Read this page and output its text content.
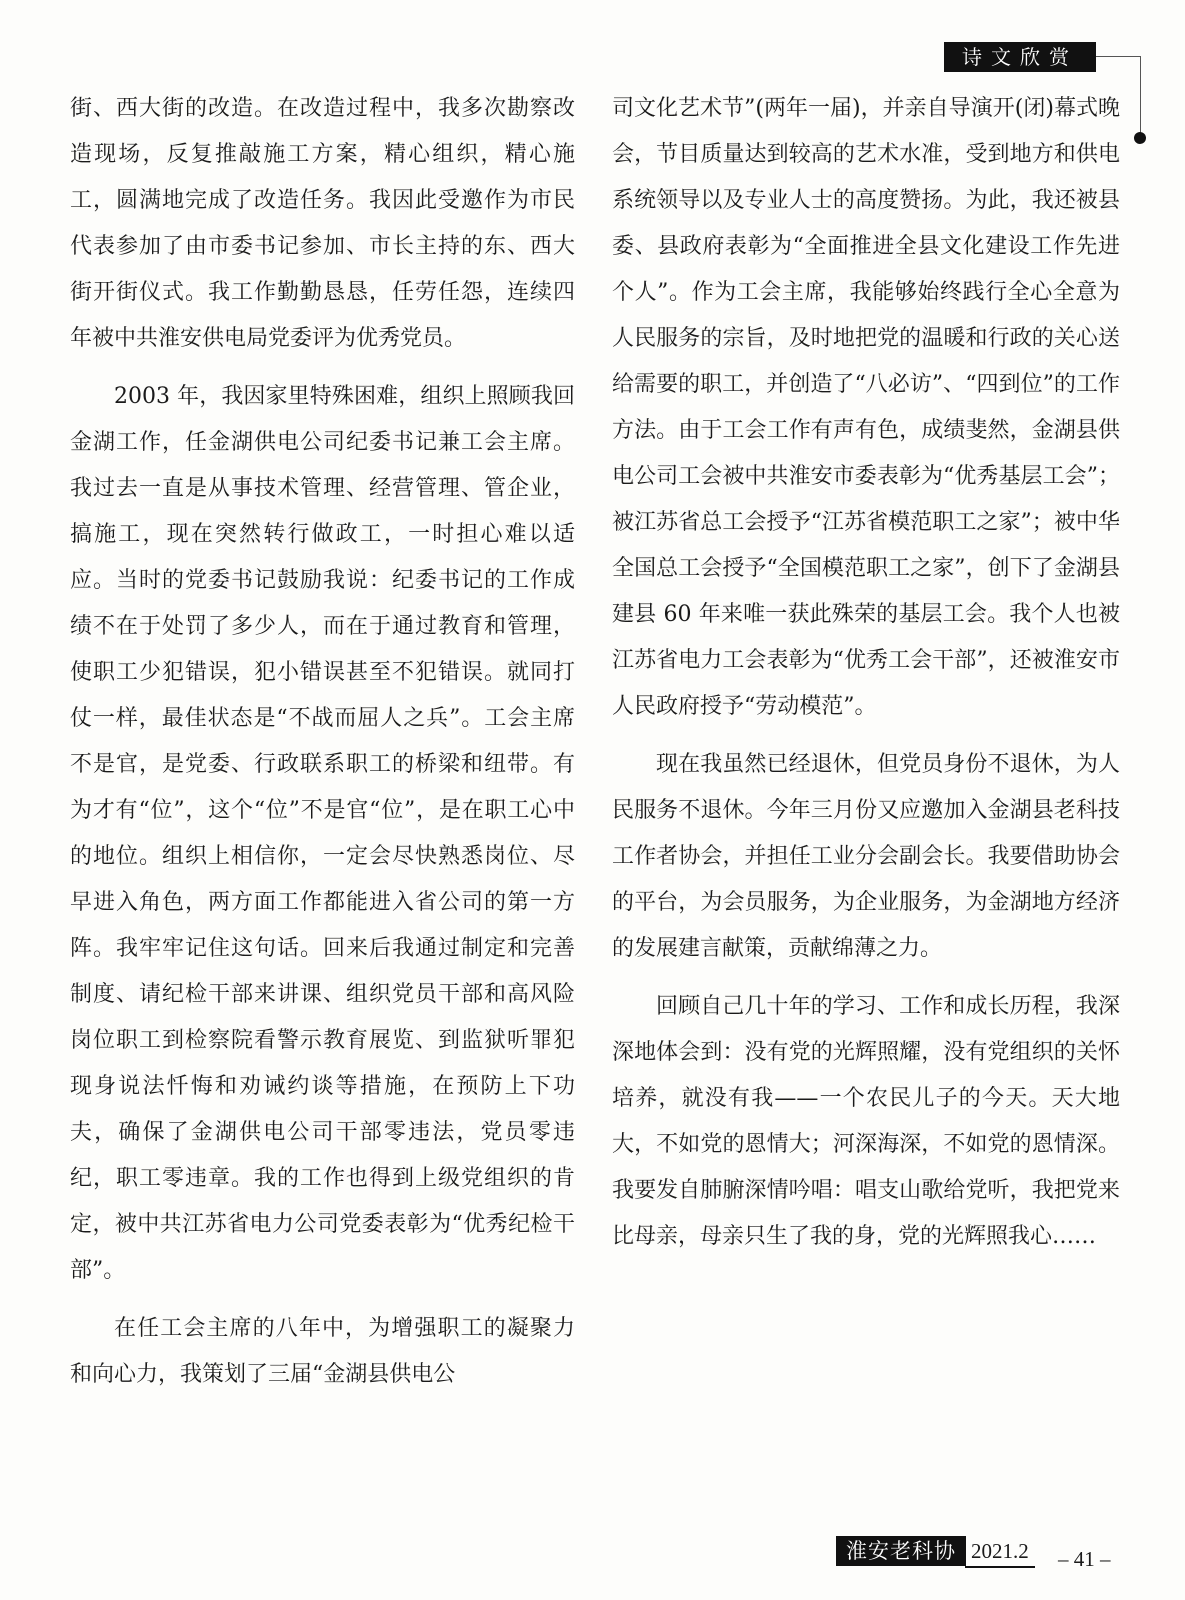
诗文欣赏

街、西大街的改造。在改造过程中，我多次勘察改造现场，反复推敲施工方案，精心组织，精心施工，圆满地完成了改造任务。我因此受邀作为市民代表参加了由市委书记参加、市长主持的东、西大街开街仪式。我工作勤勤恳恳，任劳任怨，连续四年被中共淮安供电局党委评为优秀党员。

2003 年，我因家里特殊困难，组织上照顾我回金湖工作，任金湖供电公司纪委书记兼工会主席。我过去一直是从事技术管理、经营管理、管企业，搞施工，现在突然转行做政工，一时担心难以适应。当时的党委书记鼓励我说：纪委书记的工作成绩不在于处罚了多少人，而在于通过教育和管理，使职工少犯错误，犯小错误甚至不犯错误。就同打仗一样，最佳状态是“不战而屈人之兵”。工会主席不是官，是党委、行政联系职工的桥梁和纽带。有为才有“位”，这个“位”不是官“位”，是在职工心中的地位。组织上相信你，一定会尽快熟悉岗位、尽早进入角色，两方面工作都能进入省公司的第一方阵。我牢牢记住这句话。回来后我通过制定和完善制度、请纪检干部来讲课、组织党员干部和高风险岗位职工到检察院看警示教育展览、到监狱听罪犯现身说法忏悔和劝诫约谈等措施，在预防上下功夫，确保了金湖供电公司干部零违法，党员零违纪，职工零违章。我的工作也得到上级党组织的肯定，被中共江苏省电力公司党委表彰为“优秀纪检干部”。

在任工会主席的八年中，为增强职工的凝聚力和向心力，我策划了三届“金湖县供电公

司文化艺术节”(两年一届)，并亲自导演开(闭)幕式晚会，节目质量达到较高的艺术水准，受到地方和供电系统领导以及专业人士的高度赞扬。为此，我还被县委、县政府表彰为“全面推进全县文化建设工作先进个人”。作为工会主席，我能够始终践行全心全意为人民服务的宗旨，及时地把党的温暖和行政的关心送给需要的职工，并创造了“八必访”、“四到位”的工作方法。由于工会工作有声有色，成绩斐然，金湖县供电公司工会被中共淮安市委表彰为“优秀基层工会”；被江苏省总工会授予“江苏省模范职工之家”；被中华全国总工会授予“全国模范职工之家”，创下了金湖县建县 60 年来唯一获此殊荣的基层工会。我个人也被江苏省电力工会表彰为“优秀工会干部”，还被淮安市人民政府授予“劳动模范”。

现在我虽然已经退休，但党员身份不退休，为人民服务不退休。今年三月份又应邀加入金湖县老科技工作者协会，并担任工业分会副会长。我要借助协会的平台，为会员服务，为企业服务，为金湖地方经济的发展建言献策，贡献绵薄之力。

回顾自己几十年的学习、工作和成长历程，我深深地体会到：没有党的光辉照耀，没有党组织的关怀培养，就没有我——一个农民儿子的今天。天大地大，不如党的恩情大；河深海深，不如党的恩情深。我要发自肺腑深情吟唱：唱支山歌给党听，我把党来比母亲，母亲只生了我的身，党的光辉照我心……

淮安老科协 2021.2 – 41 –
